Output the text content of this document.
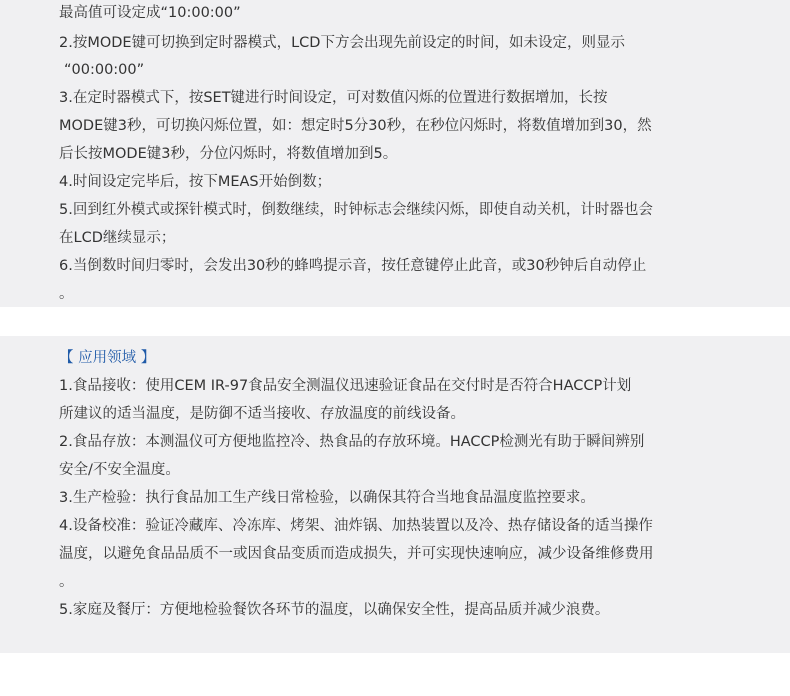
最高值可设定成“10:00:00”
2.按MODE键可切换到定时器模式，LCD下方会出现先前设定的时间，如未设定，则显示
“00:00:00”
3.在定时器模式下，按SET键进行时间设定，可对数值闪烁的位置进行数据增加，长按
MODE键3秒，可切换闪烁位置，如：想定时5分30秒，在秒位闪烁时，将数值增加到30，然
后长按MODE键3秒，分位闪烁时，将数值增加到5。
4.时间设定完毕后，按下MEAS开始倒数；
5.回到红外模式或探针模式时，倒数继续，时钟标志会继续闪烁，即使自动关机，计时器也会
在LCD继续显示；
6.当倒数时间归零时，会发出30秒的蜂鸣提示音，按任意键停止此音，或30秒钟后自动停止
。
【 应用领域 】
1.食品接收：使用CEM IR-97食品安全测温仪迅速验证食品在交付时是否符合HACCP计划
所建议的适当温度，是防御不适当接收、存放温度的前线设备。
2.食品存放：本测温仪可方便地监控冷、热食品的存放环境。HACCP检测光有助于瞬间辨别
安全/不安全温度。
3.生产检验：执行食品加工生产线日常检验，以确保其符合当地食品温度监控要求。
4.设备校准：验证冷藏库、冷冻库、烤架、油炸锅、加热装置以及冷、热存储设备的适当操作
温度，以避免食品品质不一或因食品变质而造成损失，并可实现快速响应，减少设备维修费用
。
5.家庭及餐厅：方便地检验餐饮各环节的温度，以确保安全性，提高品质并减少浪费。
